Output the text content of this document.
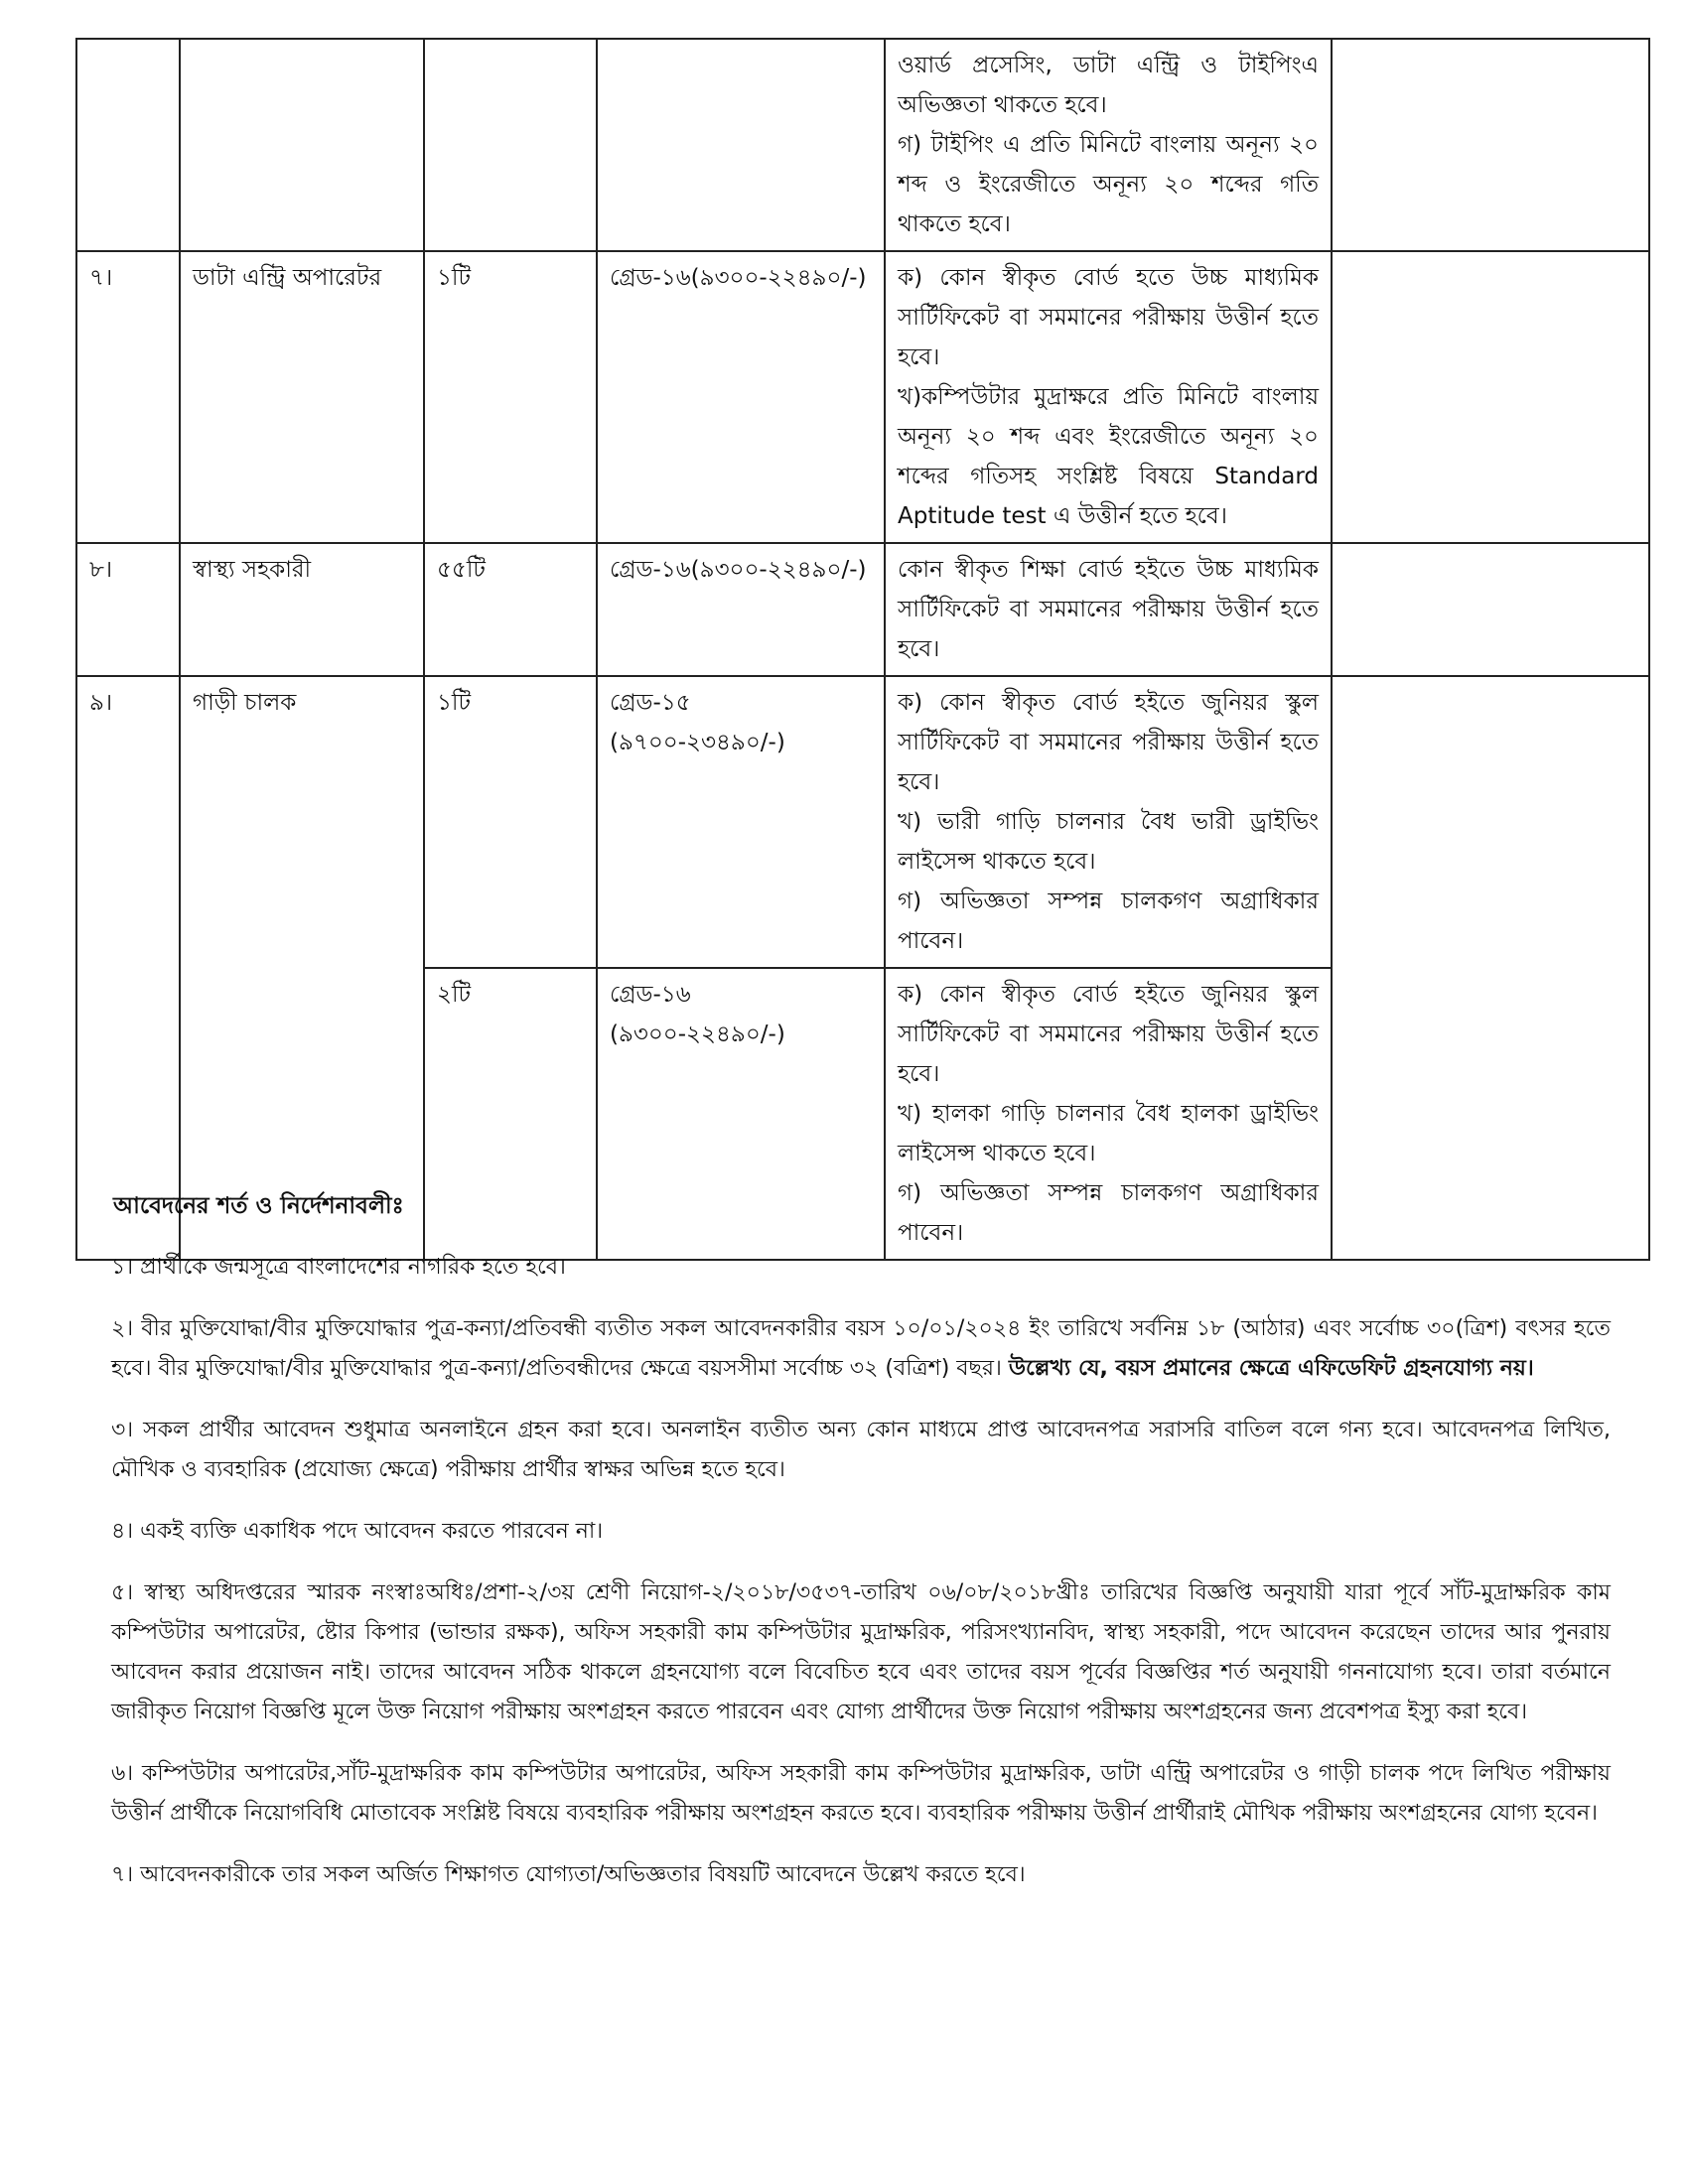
				ওয়ার্ড প্রসেসিং, ডাটা এন্ট্রি ও টাইপিংএ অভিজ্ঞতা থাকতে হবে।
গ) টাইপিং এ প্রতি মিনিটে বাংলায় অনূন্য ২০ শব্দ ও ইংরেজীতে অনূন্য ২০ শব্দের গতি থাকতে হবে।	

৭।	ডাটা এন্ট্রি অপারেটর	১টি	গ্রেড-১৬(৯৩০০-২২৪৯০/-)	ক) কোন স্বীকৃত বোর্ড হতে উচ্চ মাধ্যমিক সার্টিফিকেট বা সমমানের পরীক্ষায় উত্তীর্ন হতে হবে।
খ)কম্পিউটার মুদ্রাক্ষরে প্রতি মিনিটে বাংলায় অনূন্য ২০ শব্দ এবং ইংরেজীতে অনূন্য ২০ শব্দের গতিসহ সংশ্লিষ্ট বিষয়ে Standard Aptitude test এ উত্তীর্ন হতে হবে।	

৮।	স্বাস্থ্য সহকারী	৫৫টি	গ্রেড-১৬(৯৩০০-২২৪৯০/-)	কোন স্বীকৃত শিক্ষা বোর্ড হইতে উচ্চ মাধ্যমিক সার্টিফিকেট বা সমমানের পরীক্ষায় উত্তীর্ন হতে হবে।	

৯।	গাড়ী চালক	১টি	গ্রেড-১৫ (৯৭০০-২৩৪৯০/-)	ক) কোন স্বীকৃত বোর্ড হইতে জুনিয়র স্কুল সার্টিফিকেট বা সমমানের পরীক্ষায় উত্তীর্ন হতে হবে।
খ) ভারী গাড়ি চালনার বৈধ ভারী ড্রাইভিং লাইসেন্স থাকতে হবে।
গ) অভিজ্ঞতা সম্পন্ন চালকগণ অগ্রাধিকার পাবেন।	

		২টি	গ্রেড-১৬ (৯৩০০-২২৪৯০/-)	ক) কোন স্বীকৃত বোর্ড হইতে জুনিয়র স্কুল সার্টিফিকেট বা সমমানের পরীক্ষায় উত্তীর্ন হতে হবে।
খ) হালকা গাড়ি চালনার বৈধ হালকা ড্রাইভিং লাইসেন্স থাকতে হবে।
গ) অভিজ্ঞতা সম্পন্ন চালকগণ অগ্রাধিকার পাবেন।	
আবেদনের শর্ত ও নির্দেশনাবলীঃ

১। প্রার্থীকে জন্মসূত্রে বাংলাদেশের নাগরিক হতে হবে।

২। বীর মুক্তিযোদ্ধা/বীর মুক্তিযোদ্ধার পুত্র-কন্যা/প্রতিবন্ধী ব্যতীত সকল আবেদনকারীর বয়স ১০/০১/২০২৪ ইং তারিখে সর্বনিম্ন ১৮ (আঠার) এবং সর্বোচ্চ ৩০(ত্রিশ) বৎসর হতে হবে। বীর মুক্তিযোদ্ধা/বীর মুক্তিযোদ্ধার পুত্র-কন্যা/প্রতিবন্ধীদের ক্ষেত্রে বয়সসীমা সর্বোচ্চ ৩২ (বত্রিশ) বছর। উল্লেখ্য যে, বয়স প্রমানের ক্ষেত্রে এফিডেফিট গ্রহনযোগ্য নয়।

৩। সকল প্রার্থীর আবেদন শুধুমাত্র অনলাইনে গ্রহন করা হবে। অনলাইন ব্যতীত অন্য কোন মাধ্যমে প্রাপ্ত আবেদনপত্র সরাসরি বাতিল বলে গন্য হবে। আবেদনপত্র লিখিত, মৌখিক ও ব্যবহারিক (প্রযোজ্য ক্ষেত্রে) পরীক্ষায় প্রার্থীর স্বাক্ষর অভিন্ন হতে হবে।

৪। একই ব্যক্তি একাধিক পদে আবেদন করতে পারবেন না।

৫। স্বাস্থ্য অধিদপ্তরের স্মারক নংস্বাঃঅধিঃ/প্রশা-২/৩য় শ্রেণী নিয়োগ-২/২০১৮/৩৫৩৭-তারিখ ০৬/০৮/২০১৮খ্রীঃ তারিখের বিজ্ঞপ্তি অনুযায়ী যারা পূর্বে সাঁট-মুদ্রাক্ষরিক কাম কম্পিউটার অপারেটর, ষ্টোর কিপার (ভান্ডার রক্ষক), অফিস সহকারী কাম কম্পিউটার মুদ্রাক্ষরিক, পরিসংখ্যানবিদ, স্বাস্থ্য সহকারী, পদে আবেদন করেছেন তাদের আর পুনরায় আবেদন করার প্রয়োজন নাই। তাদের আবেদন সঠিক থাকলে গ্রহনযোগ্য বলে বিবেচিত হবে এবং তাদের বয়স পূর্বের বিজ্ঞপ্তির শর্ত অনুযায়ী গননাযোগ্য হবে। তারা বর্তমানে জারীকৃত নিয়োগ বিজ্ঞপ্তি মূলে উক্ত নিয়োগ পরীক্ষায় অংশগ্রহন করতে পারবেন এবং যোগ্য প্রার্থীদের উক্ত নিয়োগ পরীক্ষায় অংশগ্রহনের জন্য প্রবেশপত্র ইস্যু করা হবে।

৬। কম্পিউটার অপারেটর,সাঁট-মুদ্রাক্ষরিক কাম কম্পিউটার অপারেটর, অফিস সহকারী কাম কম্পিউটার মুদ্রাক্ষরিক, ডাটা এন্ট্রি অপারেটর ও গাড়ী চালক পদে লিখিত পরীক্ষায় উত্তীর্ন প্রার্থীকে নিয়োগবিধি মোতাবেক সংশ্লিষ্ট বিষয়ে ব্যবহারিক পরীক্ষায় অংশগ্রহন করতে হবে। ব্যবহারিক পরীক্ষায় উত্তীর্ন প্রার্থীরাই মৌখিক পরীক্ষায় অংশগ্রহনের যোগ্য হবেন।

৭। আবেদনকারীকে তার সকল অর্জিত শিক্ষাগত যোগ্যতা/অভিজ্ঞতার বিষয়টি আবেদনে উল্লেখ করতে হবে।
